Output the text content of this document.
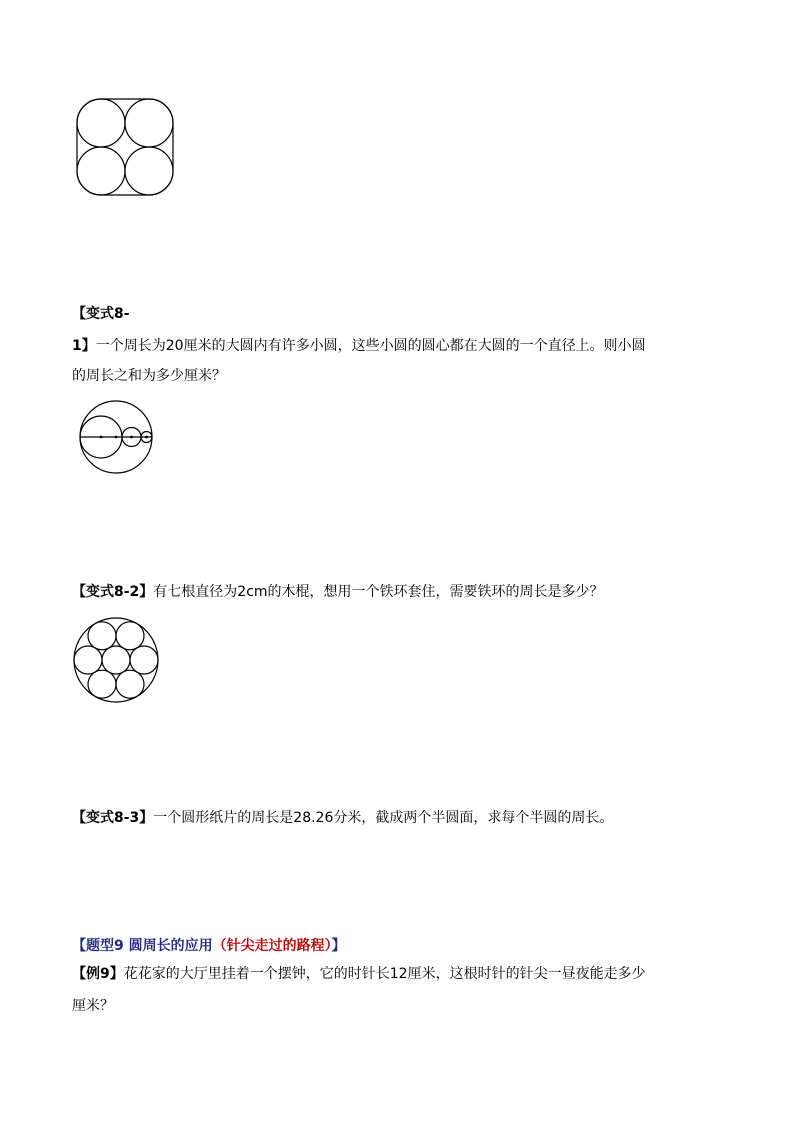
【变式8-
1】一个周长为20厘米的大圆内有许多小圆，这些小圆的圆心都在大圆的一个直径上。则小圆
的周长之和为多少厘米？
【变式8-2】有七根直径为2cm的木棍，想用一个铁环套住，需要铁环的周长是多少？
【变式8-3】一个圆形纸片的周长是28.26分米，截成两个半圆面，求每个半圆的周长。
【题型9 圆周长的应用（针尖走过的路程）】
【例9】花花家的大厅里挂着一个摆钟，它的时针长12厘米，这根时针的针尖一昼夜能走多少
厘米？
